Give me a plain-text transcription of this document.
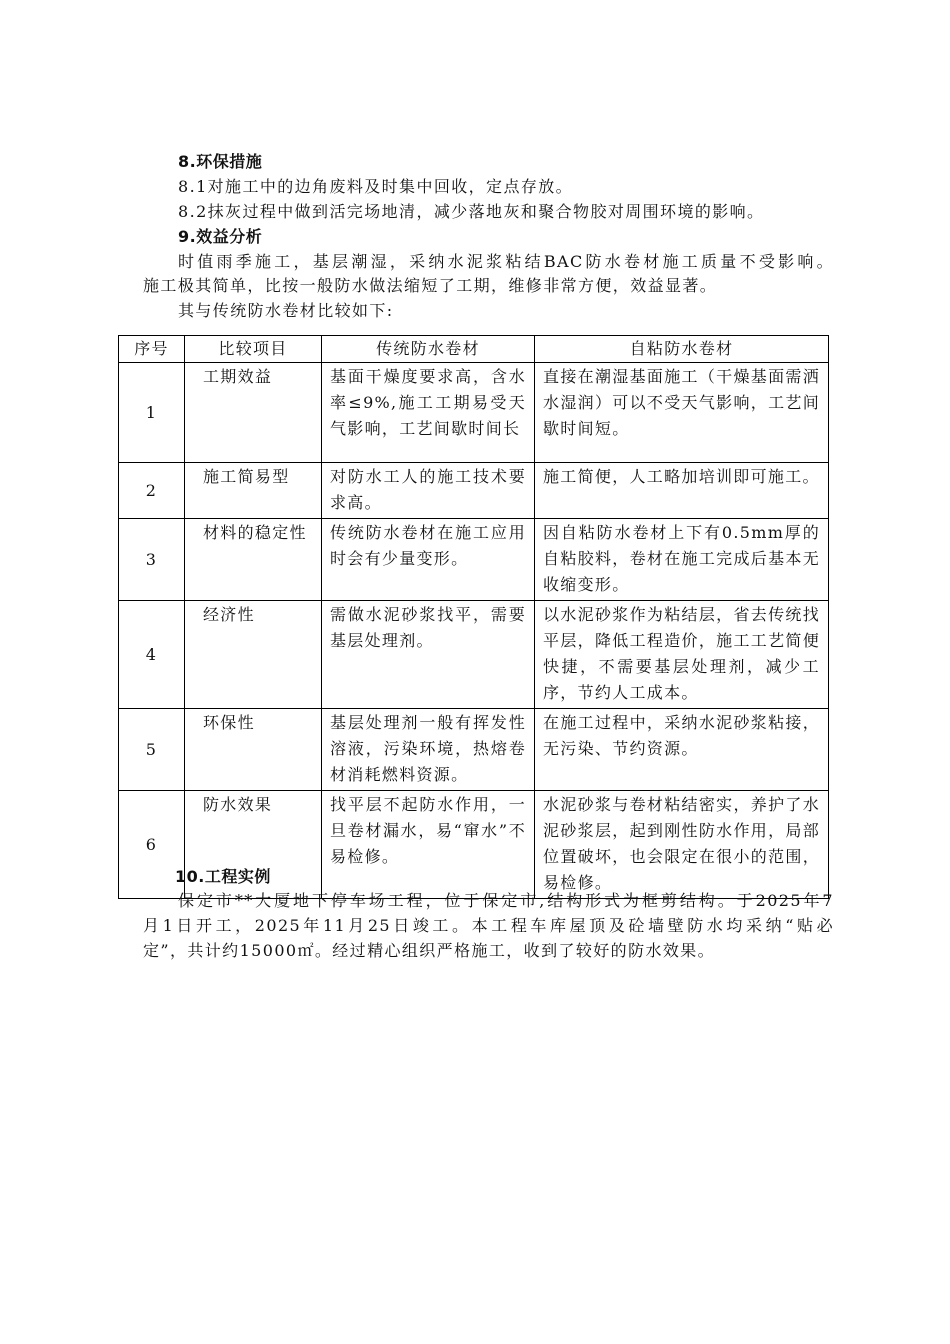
8.环保措施
8.1对施工中的边角废料及时集中回收，定点存放。
8.2抹灰过程中做到活完场地清，减少落地灰和聚合物胶对周围环境的影响。
9.效益分析
时值雨季施工，基层潮湿，采纳水泥浆粘结BAC防水卷材施工质量不受影响。
施工极其简单，比按一般防水做法缩短了工期，维修非常方便，效益显著。
其与传统防水卷材比较如下:
序号	比较项目	传统防水卷材	自粘防水卷材
1	工期效益	基面干燥度要求高，含水率≤9%,施工工期易受天气影响，工艺间歇时间长	直接在潮湿基面施工（干燥基面需洒水湿润）可以不受天气影响，工艺间歇时间短。
2	施工简易型	对防水工人的施工技术要求高。	施工简便，人工略加培训即可施工。
3	材料的稳定性	传统防水卷材在施工应用时会有少量变形。	因自粘防水卷材上下有0.5mm厚的自粘胶料，卷材在施工完成后基本无收缩变形。
4	经济性	需做水泥砂浆找平，需要基层处理剂。	以水泥砂浆作为粘结层，省去传统找平层，降低工程造价，施工工艺简便快捷，不需要基层处理剂，减少工序，节约人工成本。
5	环保性	基层处理剂一般有挥发性溶液，污染环境，热熔卷材消耗燃料资源。	在施工过程中，采纳水泥砂浆粘接，无污染、节约资源。
6	防水效果	找平层不起防水作用，一旦卷材漏水，易“窜水”不易检修。	水泥砂浆与卷材粘结密实，养护了水泥砂浆层，起到刚性防水作用，局部位置破坏，也会限定在很小的范围，易检修。
10.工程实例
保定市**大厦地下停车场工程，位于保定市,结构形式为框剪结构。于2025年7
月1日开工，2025年11月25日竣工。本工程车库屋顶及砼墙壁防水均采纳“贴必
定”，共计约15000㎡。经过精心组织严格施工，收到了较好的防水效果。
